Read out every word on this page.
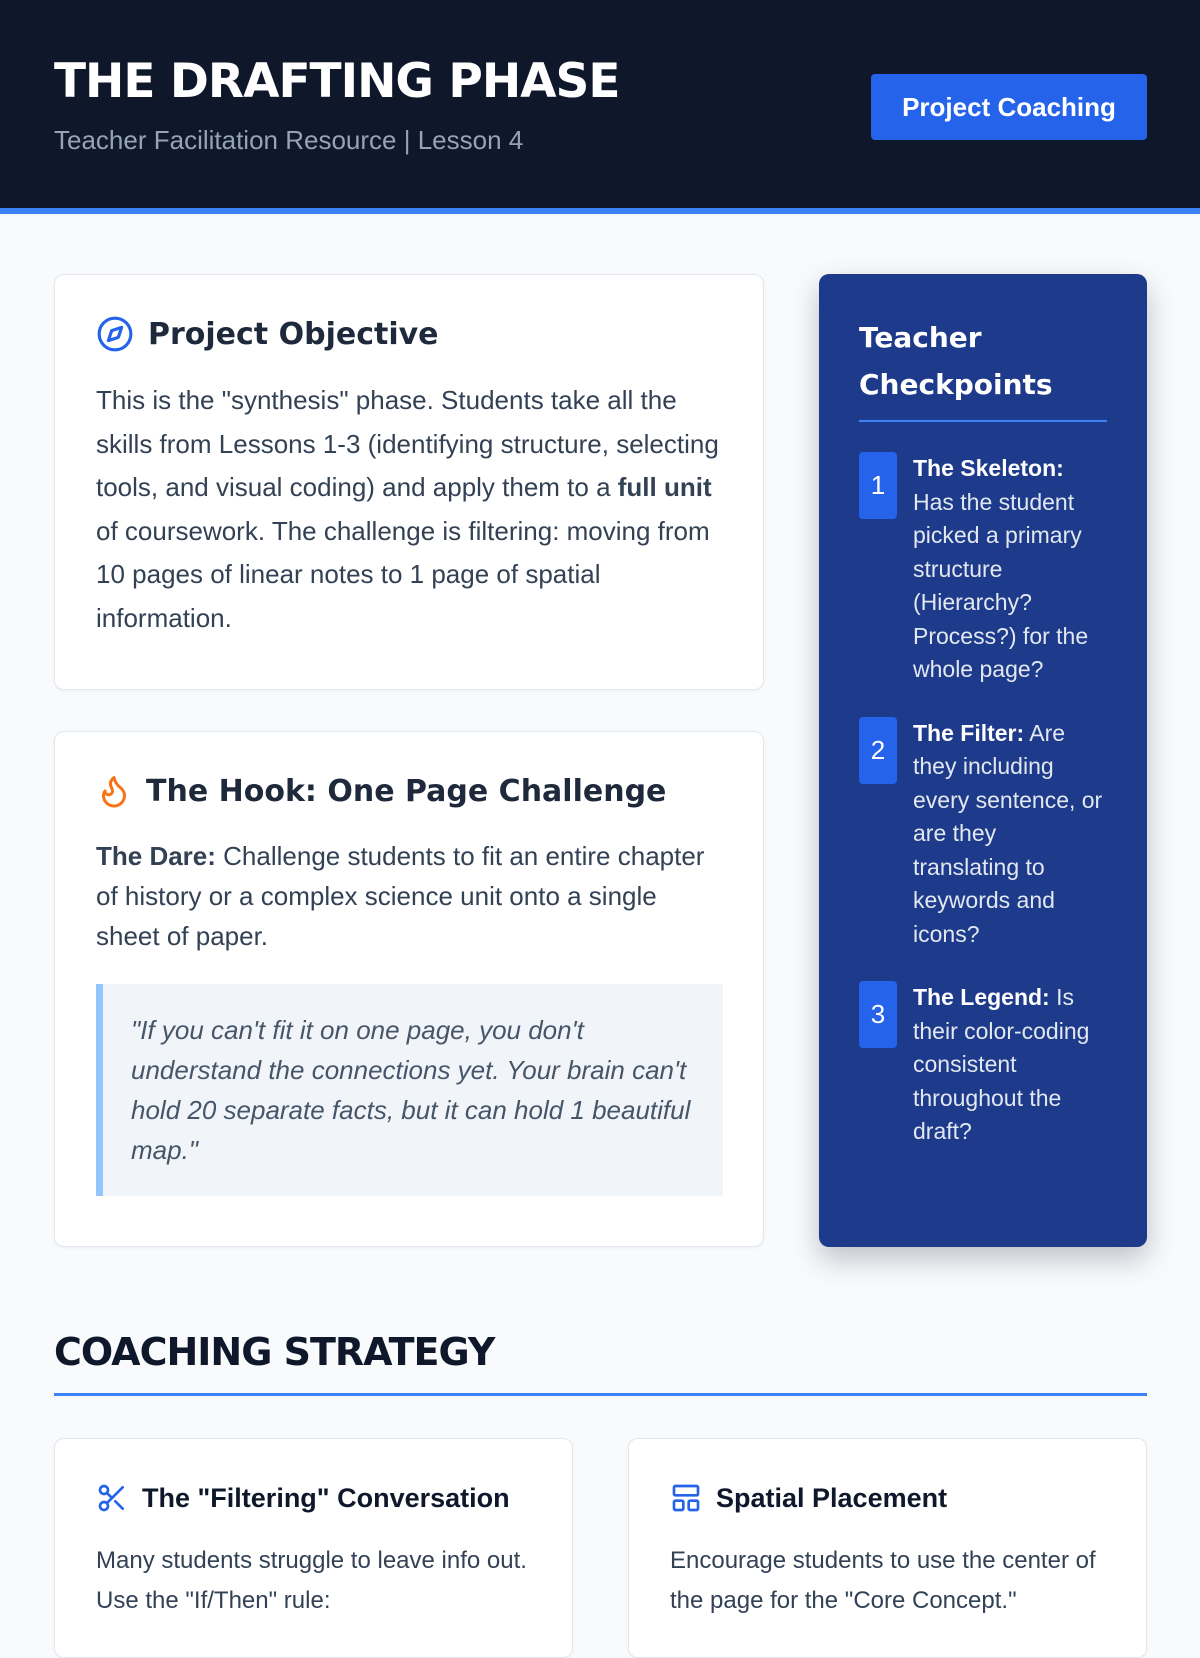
THE DRAFTING PHASE
Teacher Facilitation Resource | Lesson 4
Project Coaching
Project Objective

This is the "synthesis" phase. Students take all the skills from Lessons 1-3 (identifying structure, selecting tools, and visual coding) and apply them to a full unit of coursework. The challenge is filtering: moving from 10 pages of linear notes to 1 page of spatial information.

The Hook: One Page Challenge

The Dare: Challenge students to fit an entire chapter of history or a complex science unit onto a single sheet of paper.

"If you can't fit it on one page, you don't understand the connections yet. Your brain can't hold 20 separate facts, but it can hold 1 beautiful map."
Teacher Checkpoints
1
The Skeleton: Has the student picked a primary structure (Hierarchy? Process?) for the whole page?
2
The Filter: Are they including every sentence, or are they translating to keywords and icons?
3
The Legend: Is their color-coding consistent throughout the draft?
COACHING STRATEGY
The "Filtering" Conversation

Many students struggle to leave info out. Use the "If/Then" rule:

Spatial Placement

Encourage students to use the center of the page for the "Core Concept."
